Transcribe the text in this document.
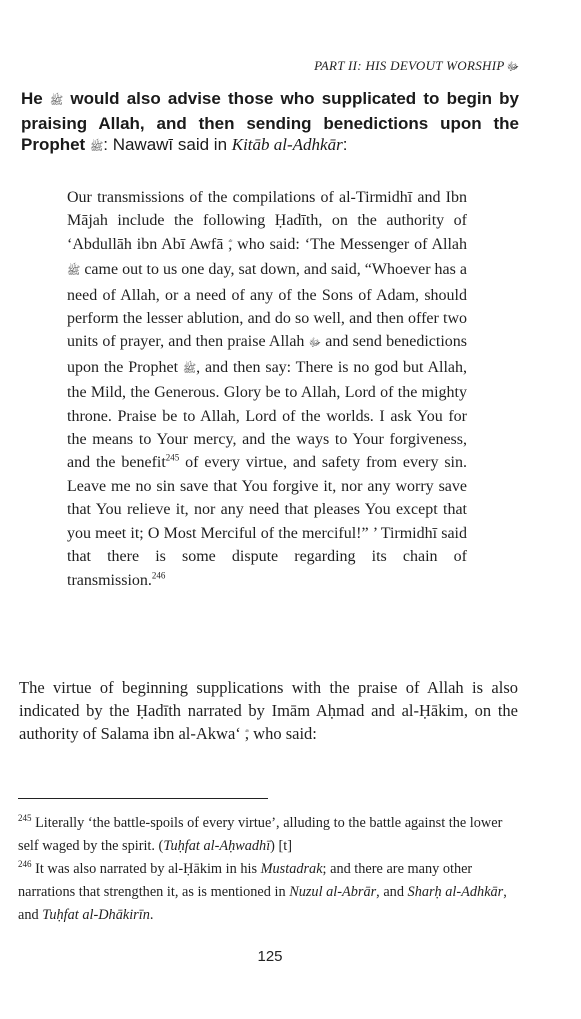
PART II: HIS DEVOUT WORSHIP ﷻ

He ﷺ would also advise those who supplicated to begin by praising Allah, and then sending benedictions upon the Prophet ﷺ: Nawawī said in Kitāb al-Adhkār:

Our transmissions of the compilations of al-Tirmidhī and Ibn Mājah include the following Ḥadīth, on the authority of ‘Abdullāh ibn Abī Awfā , who said: ‘The Messenger of Allah ﷺ came out to us one day, sat down, and said, “Whoever has a need of Allah, or a need of any of the Sons of Adam, should perform the lesser ablution, and do so well, and then offer two units of prayer, and then praise Allah ﷻ and send benedictions upon the Prophet ﷺ, and then say: There is no god but Allah, the Mild, the Generous. Glory be to Allah, Lord of the mighty throne. Praise be to Allah, Lord of the worlds. I ask You for the means to Your mercy, and the ways to Your forgiveness, and the benefit$^{245}$ of every virtue, and safety from every sin. Leave me no sin save that You forgive it, nor any worry save that You relieve it, nor any need that pleases You except that you meet it; O Most Merciful of the merciful!” ’ Tirmidhī said that there is some dispute regarding its chain of transmission.$^{246}$

The virtue of beginning supplications with the praise of Allah is also indicated by the Ḥadīth narrated by Imām Aḥmad and al-Ḥākim, on the authority of Salama ibn al-Akwa‘ , who said:

$^{245}$ Literally ‘the battle-spoils of every virtue’, alluding to the battle against the lower self waged by the spirit. (Tuḥfat al-Aḥwadhī) [t]

$^{246}$ It was also narrated by al-Ḥākim in his Mustadrak; and there are many other narrations that strengthen it, as is mentioned in Nuzul al-Abrār, and Sharḥ al-Adhkār, and Tuḥfat al-Dhākirīn.

125
